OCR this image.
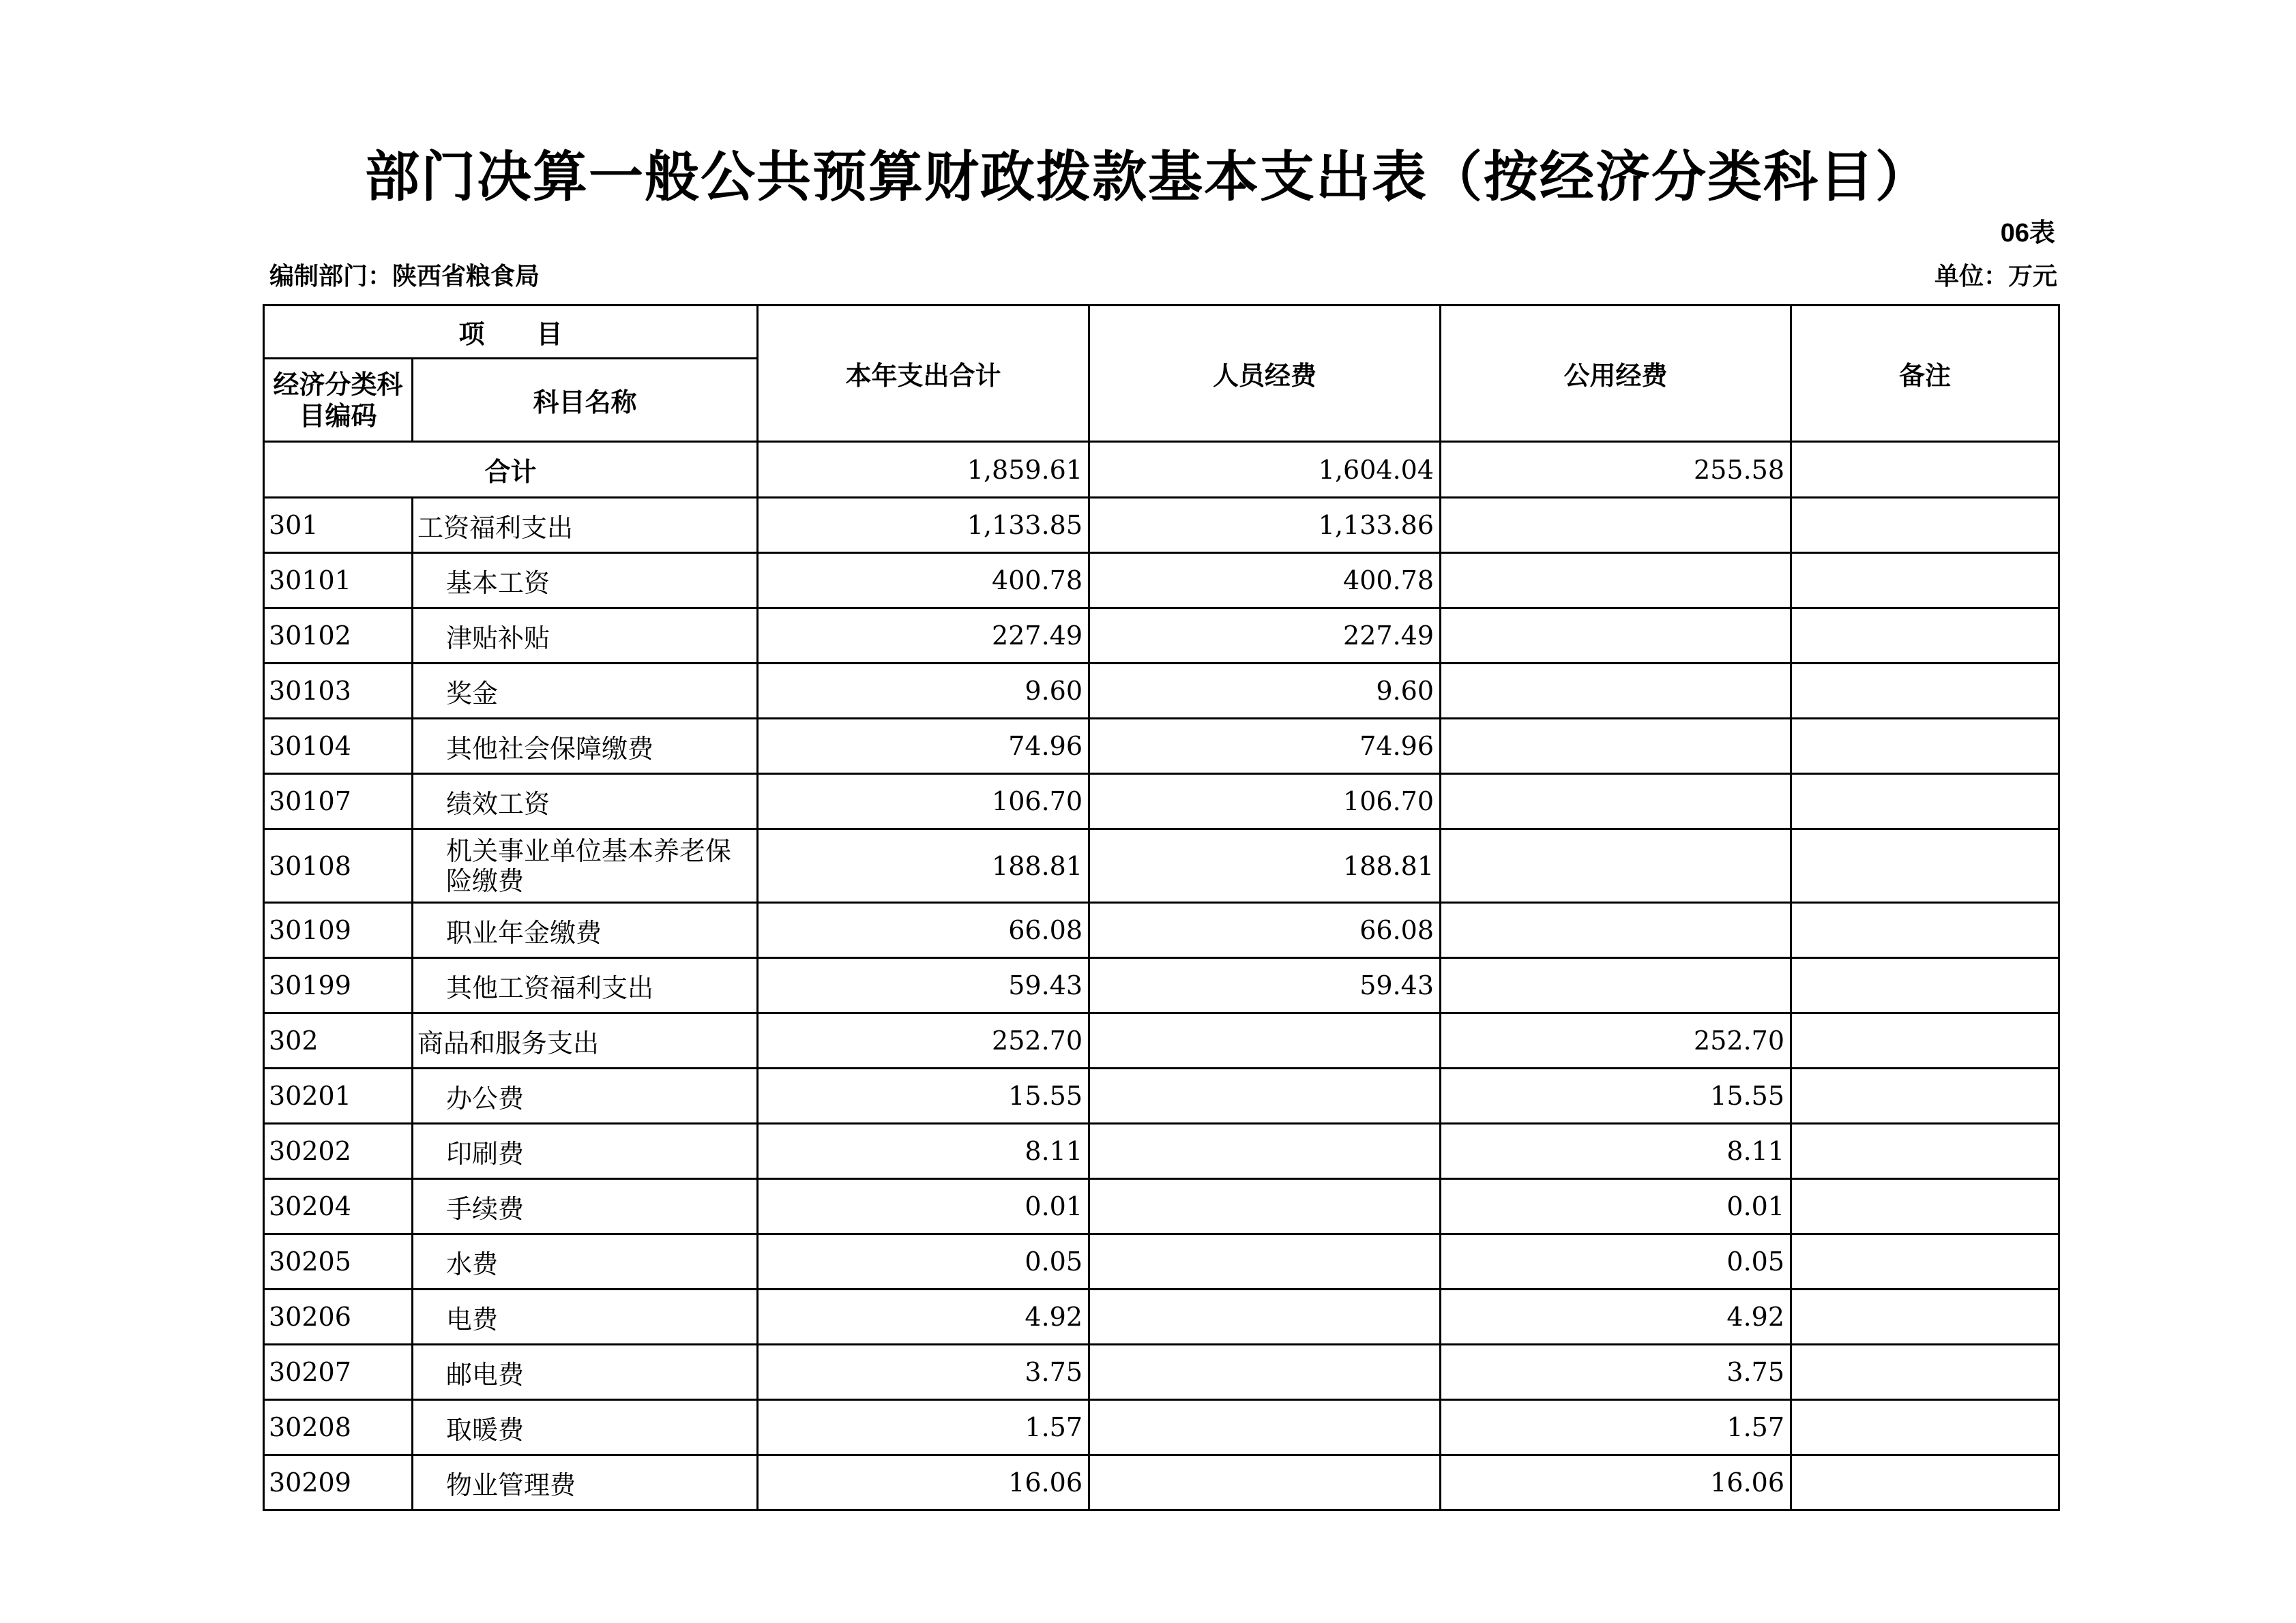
部门决算一般公共预算财政拨款基本支出表（按经济分类科目）
06表
编制部门：陕西省粮食局	单位：万元
项　　目		本年支出合计	人员经费	公用经费	备注
经济分类科目编码	科目名称				
合计		1,859.61	1,604.04	255.58	
301	工资福利支出	1,133.85	1,133.86		
30101	基本工资	400.78	400.78		
30102	津贴补贴	227.49	227.49		
30103	奖金	9.60	9.60		
30104	其他社会保障缴费	74.96	74.96		
30107	绩效工资	106.70	106.70		
30108	机关事业单位基本养老保险缴费	188.81	188.81		
30109	职业年金缴费	66.08	66.08		
30199	其他工资福利支出	59.43	59.43		
302	商品和服务支出	252.70		252.70	
30201	办公费	15.55		15.55	
30202	印刷费	8.11		8.11	
30204	手续费	0.01		0.01	
30205	水费	0.05		0.05	
30206	电费	4.92		4.92	
30207	邮电费	3.75		3.75	
30208	取暖费	1.57		1.57	
30209	物业管理费	16.06		16.06	
